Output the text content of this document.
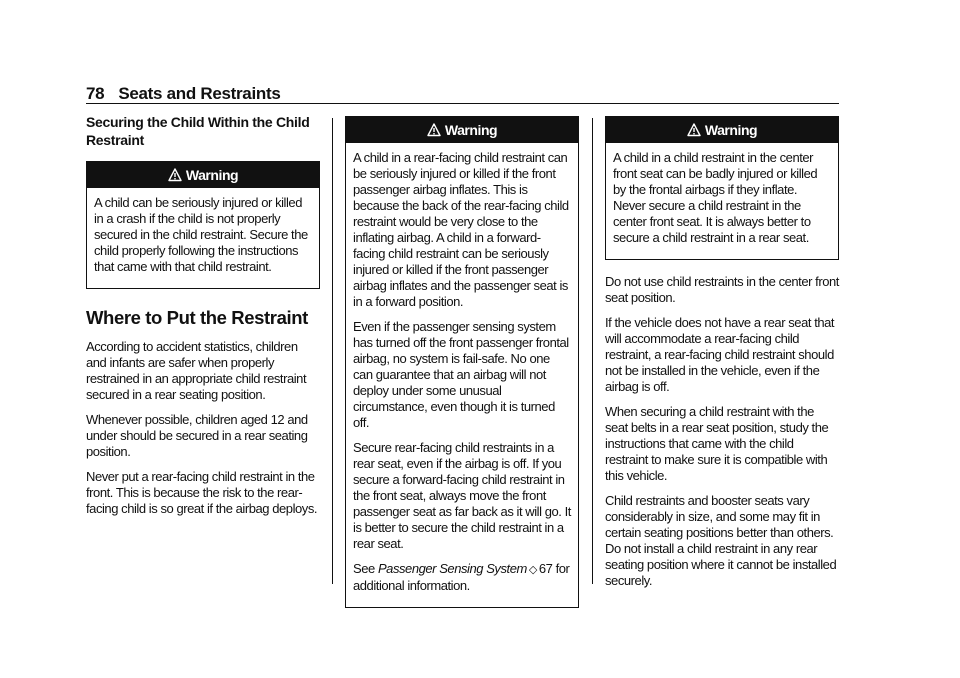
78 Seats and Restraints
Securing the Child Within the Child Restraint
Warning

A child can be seriously injured or killed in a crash if the child is not properly secured in the child restraint. Secure the child properly following the instructions that came with that child restraint.

Where to Put the Restraint

According to accident statistics, children and infants are safer when properly restrained in an appropriate child restraint secured in a rear seating position.

Whenever possible, children aged 12 and under should be secured in a rear seating position.

Never put a rear-facing child restraint in the front. This is because the risk to the rear-facing child is so great if the airbag deploys.

Warning

A child in a rear-facing child restraint can be seriously injured or killed if the front passenger airbag inflates. This is because the back of the rear-facing child restraint would be very close to the inflating airbag. A child in a forward-facing child restraint can be seriously injured or killed if the front passenger airbag inflates and the passenger seat is in a forward position.

Even if the passenger sensing system has turned off the front passenger frontal airbag, no system is fail-safe. No one can guarantee that an airbag will not deploy under some unusual circumstance, even though it is turned off.

Secure rear-facing child restraints in a rear seat, even if the airbag is off. If you secure a forward-facing child restraint in the front seat, always move the front passenger seat as far back as it will go. It is better to secure the child restraint in a rear seat.

See Passenger Sensing System ◇ 67 for additional information.

Warning

A child in a child restraint in the center front seat can be badly injured or killed by the frontal airbags if they inflate. Never secure a child restraint in the center front seat. It is always better to secure a child restraint in a rear seat.

Do not use child restraints in the center front seat position.

If the vehicle does not have a rear seat that will accommodate a rear-facing child restraint, a rear-facing child restraint should not be installed in the vehicle, even if the airbag is off.

When securing a child restraint with the seat belts in a rear seat position, study the instructions that came with the child restraint to make sure it is compatible with this vehicle.

Child restraints and booster seats vary considerably in size, and some may fit in certain seating positions better than others. Do not install a child restraint in any rear seating position where it cannot be installed securely.
